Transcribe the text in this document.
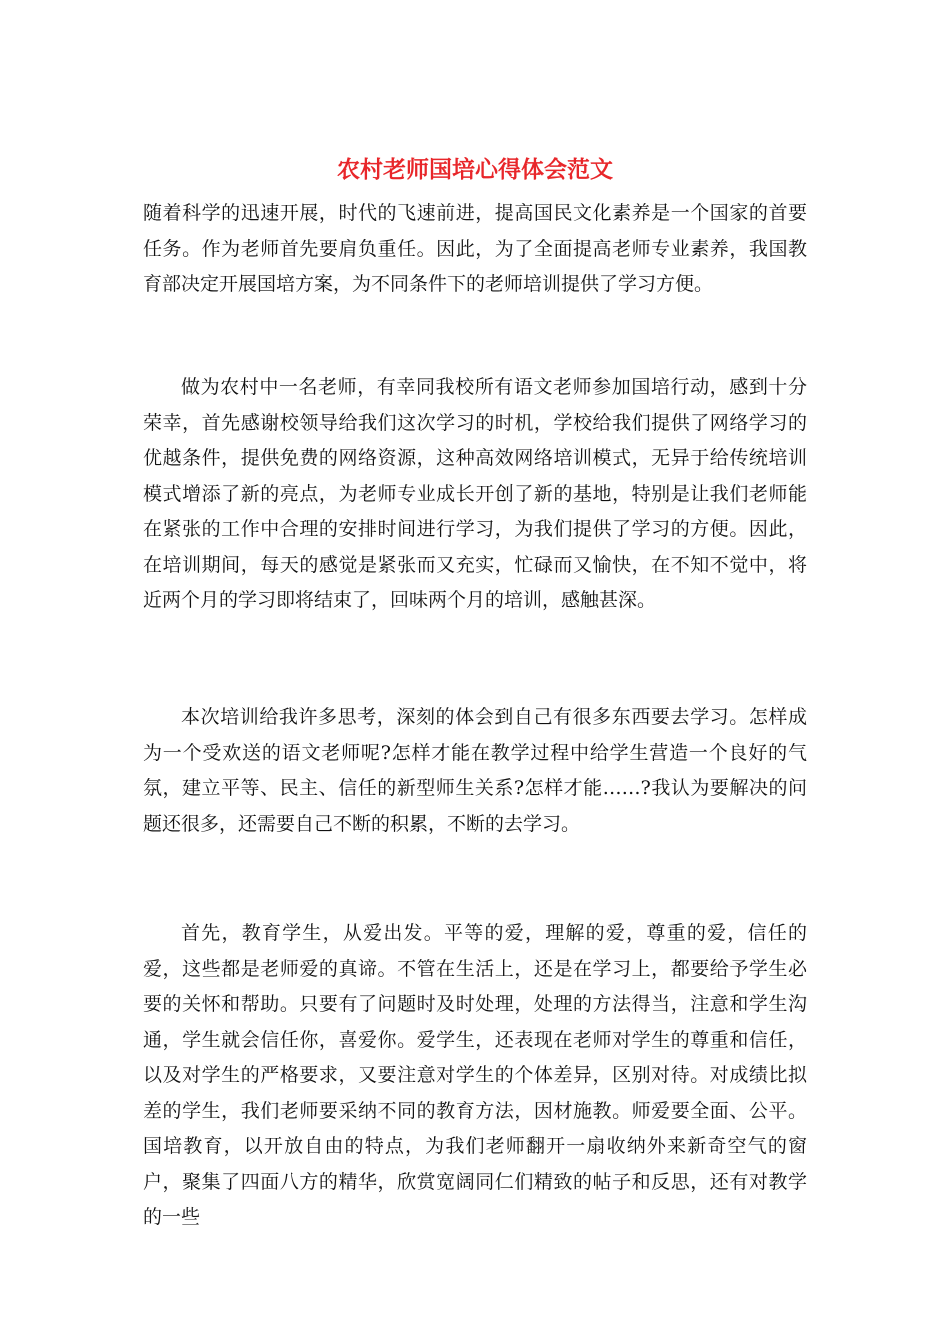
农村老师国培心得体会范文

随着科学的迅速开展，时代的飞速前进，提高国民文化素养是一个国家的首要任务。作为老师首先要肩负重任。因此，为了全面提高老师专业素养，我国教育部决定开展国培方案，为不同条件下的老师培训提供了学习方便。

做为农村中一名老师，有幸同我校所有语文老师参加国培行动，感到十分荣幸，首先感谢校领导给我们这次学习的时机，学校给我们提供了网络学习的优越条件，提供免费的网络资源，这种高效网络培训模式，无异于给传统培训模式增添了新的亮点，为老师专业成长开创了新的基地，特别是让我们老师能在紧张的工作中合理的安排时间进行学习，为我们提供了学习的方便。因此，在培训期间，每天的感觉是紧张而又充实，忙碌而又愉快，在不知不觉中，将近两个月的学习即将结束了，回味两个月的培训，感触甚深。

本次培训给我许多思考，深刻的体会到自己有很多东西要去学习。怎样成为一个受欢送的语文老师呢?怎样才能在教学过程中给学生营造一个良好的气氛，建立平等、民主、信任的新型师生关系?怎样才能……?我认为要解决的问题还很多，还需要自己不断的积累，不断的去学习。

首先，教育学生，从爱出发。平等的爱，理解的爱，尊重的爱，信任的爱，这些都是老师爱的真谛。不管在生活上，还是在学习上，都要给予学生必要的关怀和帮助。只要有了问题时及时处理，处理的方法得当，注意和学生沟通，学生就会信任你，喜爱你。爱学生，还表现在老师对学生的尊重和信任，以及对学生的严格要求，又要注意对学生的个体差异，区别对待。对成绩比拟差的学生，我们老师要采纳不同的教育方法，因材施教。师爱要全面、公平。国培教育，以开放自由的特点，为我们老师翻开一扇收纳外来新奇空气的窗户，聚集了四面八方的精华，欣赏宽阔同仁们精致的帖子和反思，还有对教学的一些
